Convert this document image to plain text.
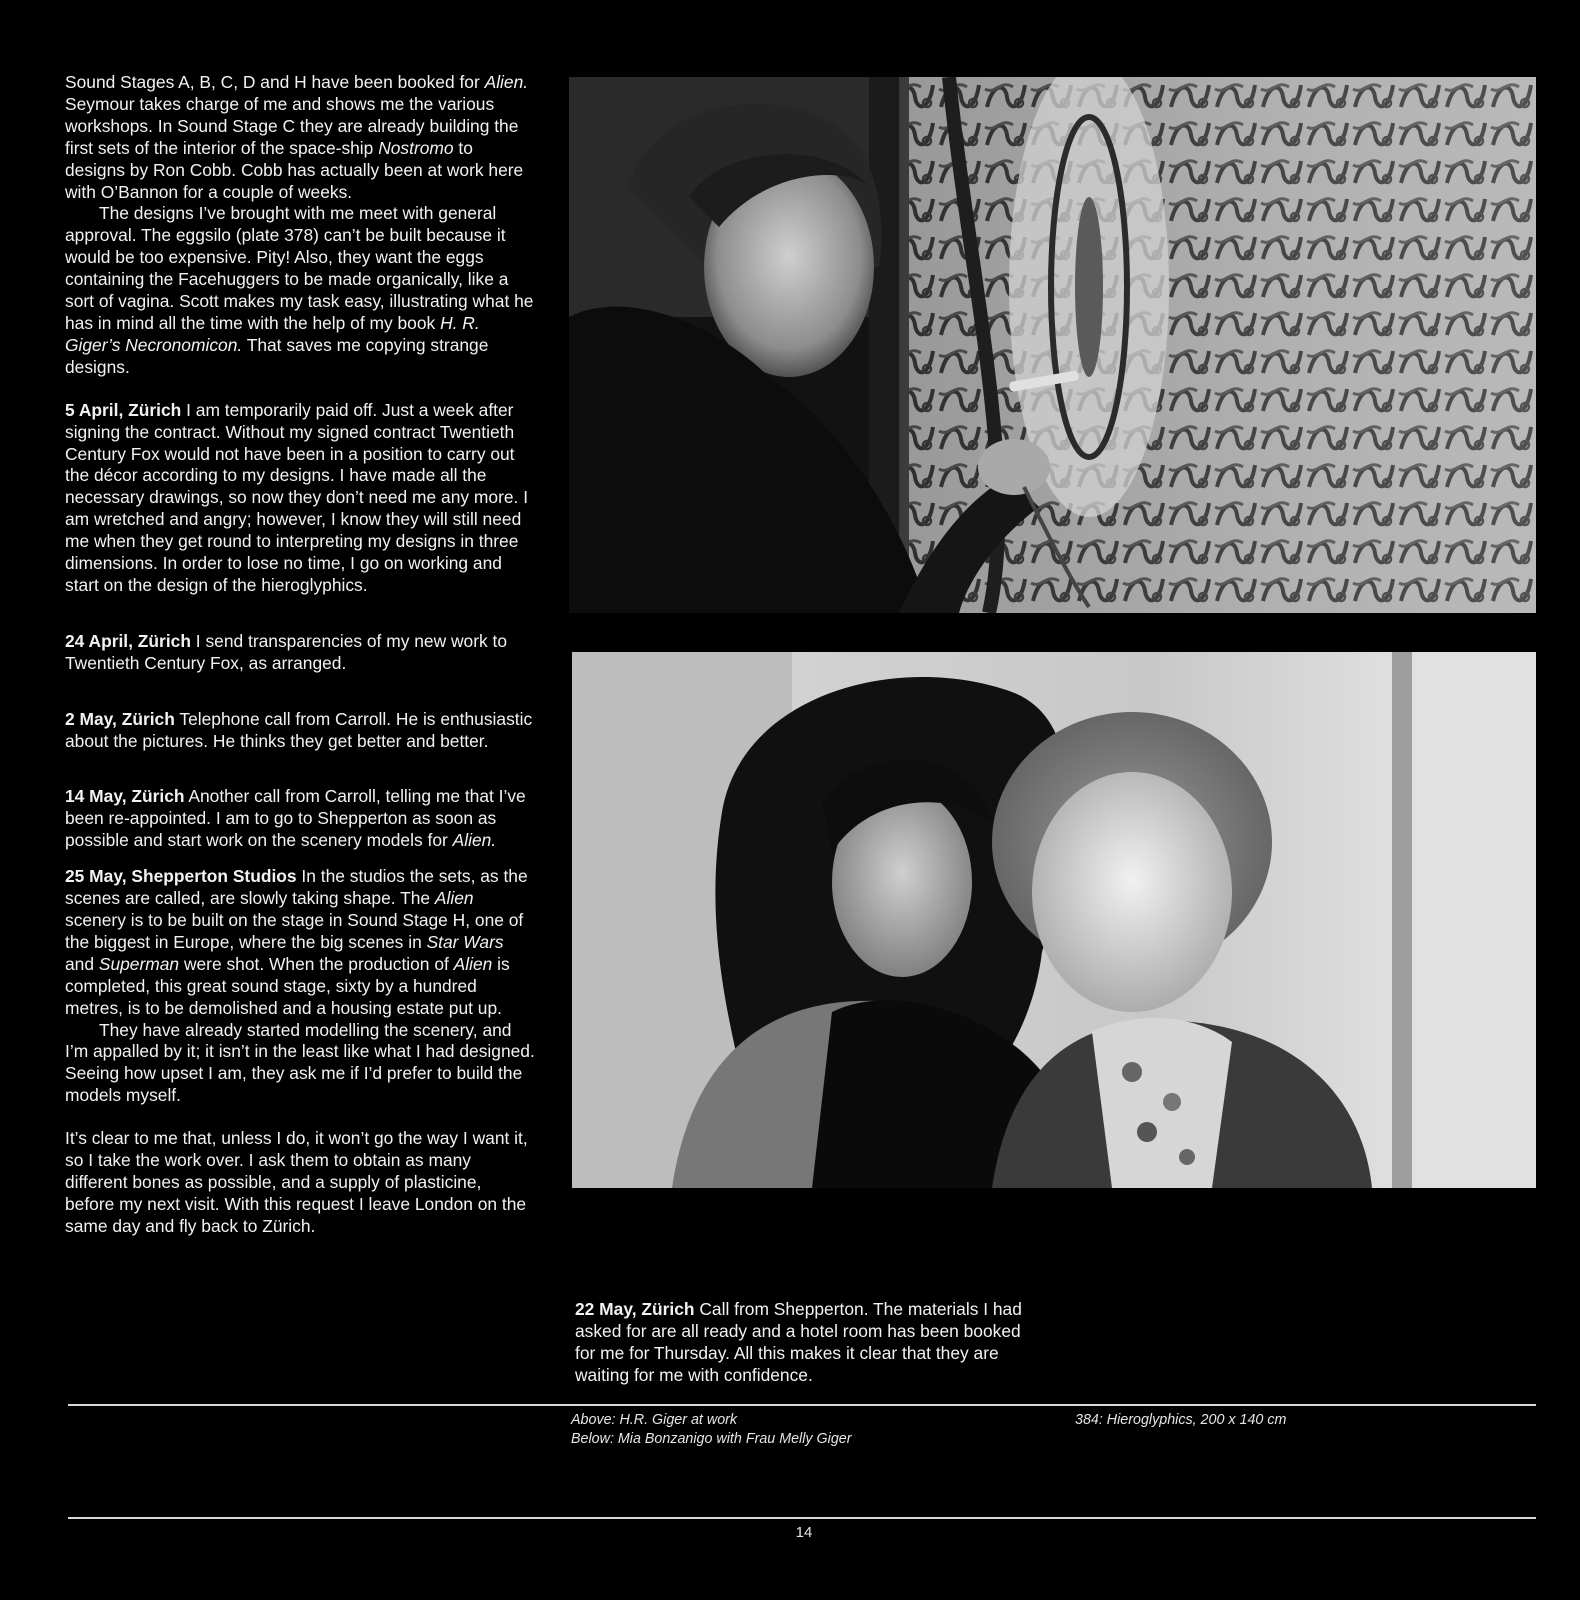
Sound Stages A, B, C, D and H have been booked for Alien. Seymour takes charge of me and shows me the various workshops. In Sound Stage C they are already building the first sets of the interior of the space-ship Nostromo to designs by Ron Cobb. Cobb has actually been at work here with O’Bannon for a couple of weeks.

The designs I’ve brought with me meet with general approval. The eggsilo (plate 378) can’t be built because it would be too expensive. Pity! Also, they want the eggs containing the Facehuggers to be made organically, like a sort of vagina. Scott makes my task easy, illustrating what he has in mind all the time with the help of my book H. R. Giger’s Necronomicon. That saves me copying strange designs.

5 April, Zürich I am temporarily paid off. Just a week after signing the contract. Without my signed contract Twentieth Century Fox would not have been in a position to carry out the décor according to my designs. I have made all the necessary drawings, so now they don’t need me any more. I am wretched and angry; however, I know they will still need me when they get round to interpreting my designs in three dimensions. In order to lose no time, I go on working and start on the design of the hieroglyphics.

24 April, Zürich I send transparencies of my new work to Twentieth Century Fox, as arranged.

2 May, Zürich Telephone call from Carroll. He is enthusiastic about the pictures. He thinks they get better and better.

14 May, Zürich Another call from Carroll, telling me that I’ve been re-appointed. I am to go to Shepperton as soon as possible and start work on the scenery models for Alien.

25 May, Shepperton Studios In the studios the sets, as the scenes are called, are slowly taking shape. The Alien scenery is to be built on the stage in Sound Stage H, one of the biggest in Europe, where the big scenes in Star Wars and Superman were shot. When the production of Alien is completed, this great sound stage, sixty by a hundred metres, is to be demolished and a housing estate put up.

They have already started modelling the scenery, and I’m appalled by it; it isn’t in the least like what I had designed. Seeing how upset I am, they ask me if I’d prefer to build the models myself.

It’s clear to me that, unless I do, it won’t go the way I want it, so I take the work over. I ask them to obtain as many different bones as possible, and a supply of plasticine, before my next visit. With this request I leave London on the same day and fly back to Zürich.

22 May, Zürich Call from Shepperton. The materials I had asked for are all ready and a hotel room has been booked for me for Thursday. All this makes it clear that they are waiting for me with confidence.

Above: H.R. Giger at work
Below: Mia Bonzanigo with Frau Melly Giger
384: Hieroglyphics, 200 x 140 cm
14
